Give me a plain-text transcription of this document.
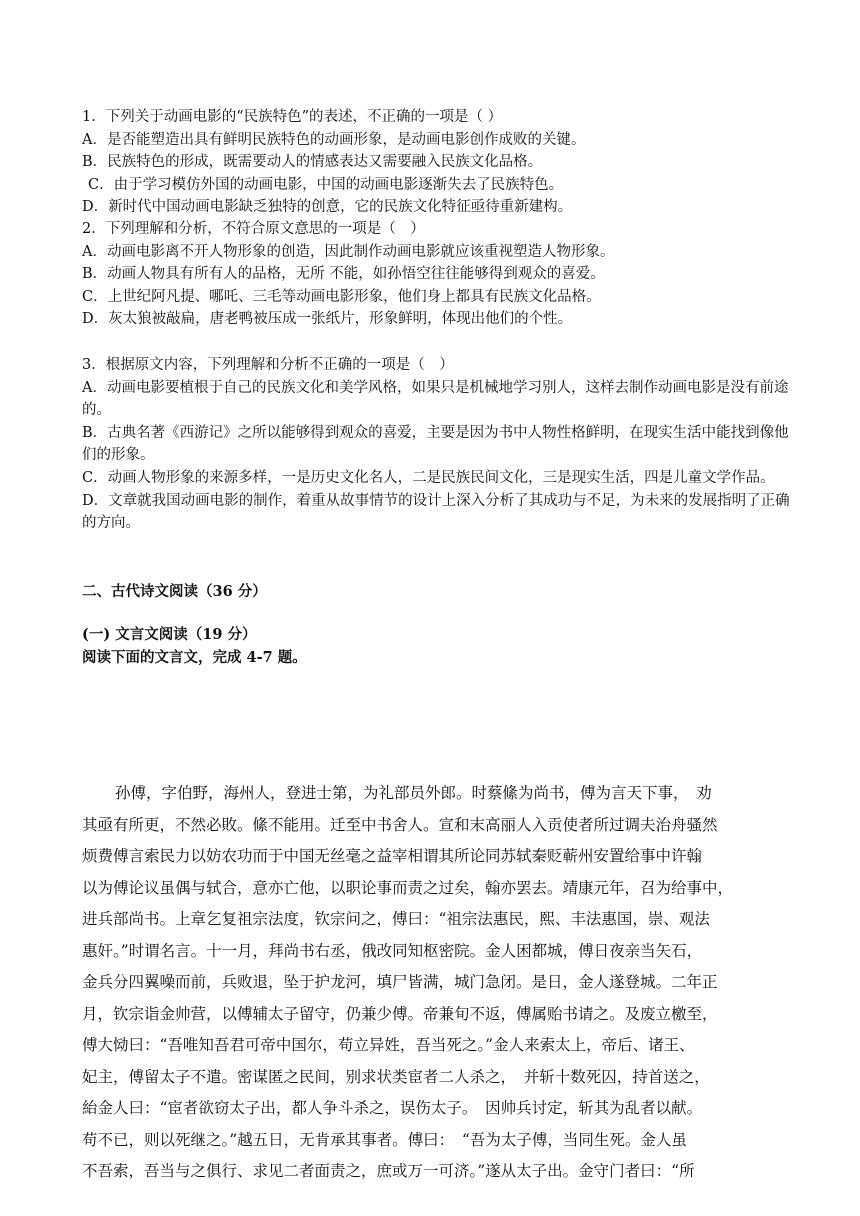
1．下列关于动画电影的“民族特色”的表述，不正确的一项是（ ）

A．是否能塑造出具有鲜明民族特色的动画形象，是动画电影创作成败的关键。

B．民族特色的形成，既需要动人的情感表达又需要融入民族文化品格。

C．由于学习模仿外国的动画电影，中国的动画电影逐渐失去了民族特色。

D．新时代中国动画电影缺乏独特的创意，它的民族文化特征亟待重新建构。

2．下列理解和分析，不符合原文意思的一项是（　）

A．动画电影离不开人物形象的创造，因此制作动画电影就应该重视塑造人物形象。

B．动画人物具有所有人的品格，无所 不能，如孙悟空往往能够得到观众的喜爱。

C．上世纪阿凡提、哪吒、三毛等动画电影形象，他们身上都具有民族文化品格。

D．灰太狼被敲扁，唐老鸭被压成一张纸片，形象鲜明，体现出他们的个性。

3．根据原文内容，下列理解和分析不正确的一项是（　）

A．动画电影要植根于自己的民族文化和美学风格，如果只是机械地学习别人，这样去制作动画电影是没有前途的。

B．古典名著《西游记》之所以能够得到观众的喜爱，主要是因为书中人物性格鲜明，在现实生活中能找到像他们的形象。

C．动画人物形象的来源多样，一是历史文化名人，二是民族民间文化，三是现实生活，四是儿童文学作品。

D．文章就我国动画电影的制作，着重从故事情节的设计上深入分析了其成功与不足，为未来的发展指明了正确的方向。

二、古代诗文阅读（36 分）

(一) 文言文阅读（19 分）

阅读下面的文言文，完成 4-7 题。

孙傅，字伯野，海州人，登进士第，为礼部员外郎。时蔡絛为尚书，傅为言天下事，　劝

其亟有所更，不然必敗。絛不能用。迁至中书舍人。宣和末高丽人入贡使者所过调夫治舟骚然

烦费傅言索民力以妨农功而于中国无丝毫之益宰相谓其所论同苏轼秦贬蕲州安置给事中许翰

以为傅论议虽偶与轼合，意亦亡他，以职论事而责之过矣，翰亦罢去。靖康元年，召为给事中，

进兵部尚书。上章乞复祖宗法度，钦宗问之，傅曰：“祖宗法惠民，熙、丰法惠国，崇、观法

惠奸。”时谓名言。十一月，拜尚书右丞，俄改同知枢密院。金人困都城，傅日夜亲当矢石，

金兵分四翼噪而前，兵败退，坠于护龙河，填尸皆满，城门急闭。是日，金人遂登城。二年正

月，钦宗诣金帅营，以傅辅太子留守，仍兼少傅。帝兼旬不返，傅属贻书请之。及废立檄至，

傅大恸曰：“吾唯知吾君可帝中国尔，苟立异姓，吾当死之。”金人来索太上，帝后、诸王、

妃主，傅留太子不遣。密谋匿之民间，别求状类宦者二人杀之，　并斩十数死囚，持首送之，

紿金人曰：“宦者欲窃太子出，都人争斗杀之，误伤太子。　因帅兵讨定，斩其为乱者以献。

苟不已，则以死继之。”越五日，无肯承其事者。傅曰：　“吾为太子傅，当同生死。金人虽

不吾索，吾当与之俱行、求见二者面责之，庶或万一可济。”遂从太子出。金守门者曰：“所
